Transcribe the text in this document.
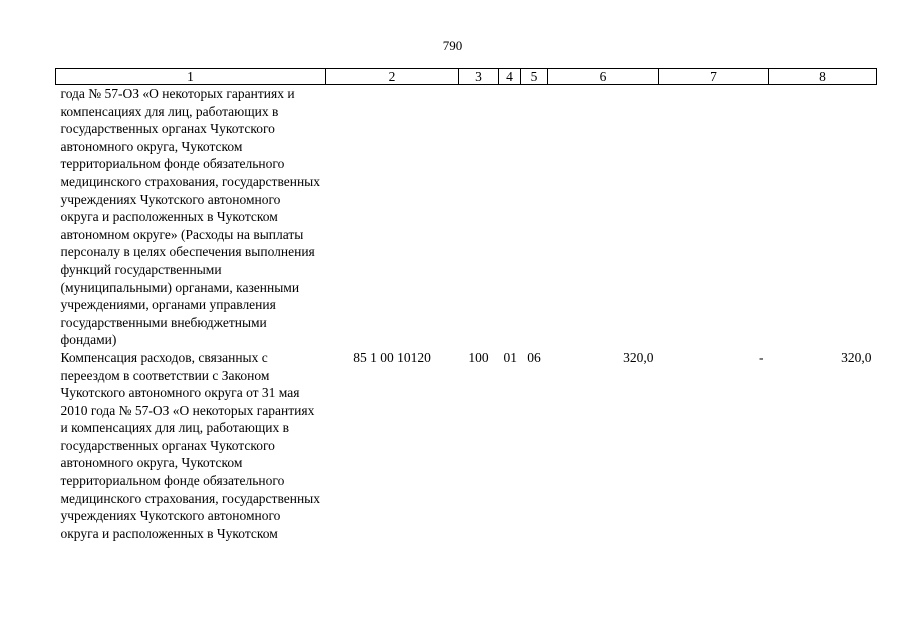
790
1	2	3	4	5	6	7	8
года № 57-ОЗ «О некоторых гарантиях и компенсациях для лиц, работающих в государственных органах Чукотского автономного округа, Чукотском территориальном фонде обязательного медицинского страхования, государственных учреждениях Чукотского автономного округа и расположенных в Чукотском автономном округе» (Расходы на выплаты персоналу в целях обеспечения выполнения функций государственными (муниципальными) органами, казенными учреждениями, органами управления государственными внебюджетными фондами)							
Компенсация расходов, связанных с переездом в соответствии с Законом Чукотского автономного округа от 31 мая 2010 года № 57-ОЗ «О некоторых гарантиях и компенсациях для лиц, работающих в государственных органах Чукотского автономного округа, Чукотском территориальном фонде обязательного медицинского страхования, государственных учреждениях Чукотского автономного округа и расположенных в Чукотском	85 1 00 10120	100	01	06	320,0	-	320,0
